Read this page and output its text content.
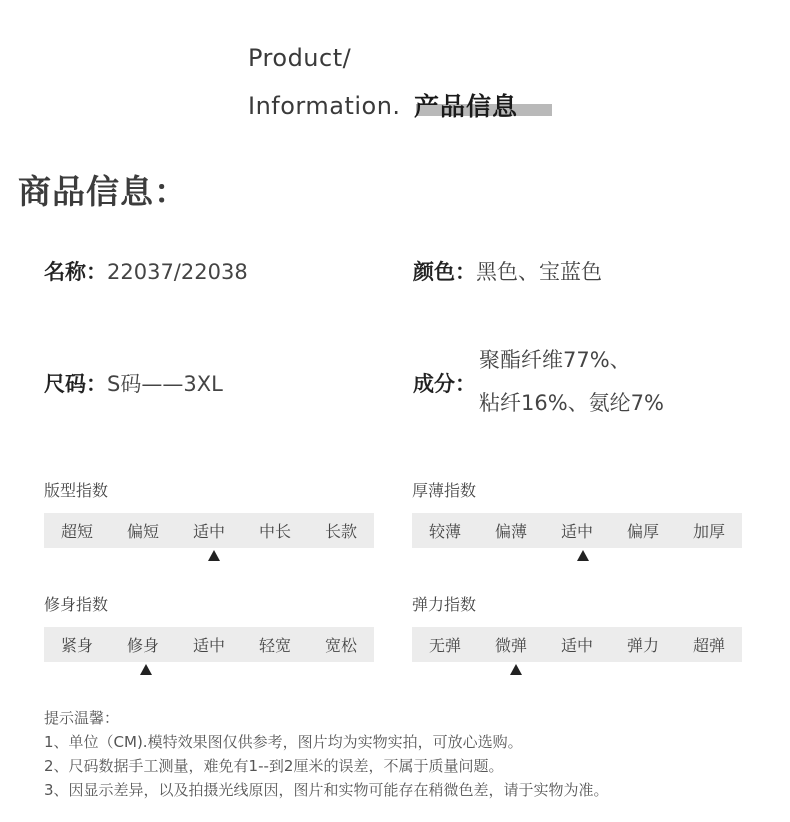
Product/
Information. 产品信息
商品信息：
名称：22037/22038	颜色：黑色、宝蓝色
尺码：S码——3XL	成分：
聚酯纤维77%、
粘纤16%、氨纶7%
版型指数
超短	偏短	适中	中长	长款
厚薄指数
较薄	偏薄	适中	偏厚	加厚
修身指数
紧身	修身	适中	轻宽	宽松
弹力指数
无弹	微弹	适中	弹力	超弹
提示温馨：
1、单位（CM).模特效果图仅供参考，图片均为实物实拍，可放心选购。
2、尺码数据手工测量，难免有1--到2厘米的误差，不属于质量问题。
3、因显示差异，以及拍摄光线原因，图片和实物可能存在稍微色差，请于实物为准。
